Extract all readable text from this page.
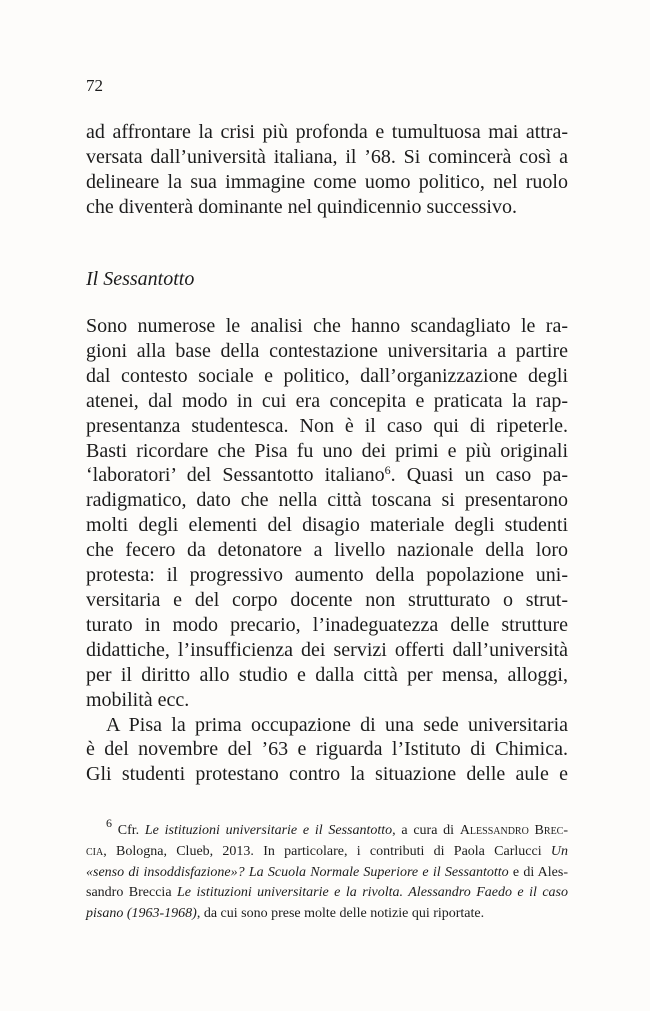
72
ad affrontare la crisi più profonda e tumultuosa mai attra-
versata dall’università italiana, il ’68. Si comincerà così a
delineare la sua immagine come uomo politico, nel ruolo
che diventerà dominante nel quindicennio successivo.
Il Sessantotto
Sono numerose le analisi che hanno scandagliato le ra-
gioni alla base della contestazione universitaria a partire
dal contesto sociale e politico, dall’organizzazione degli
atenei, dal modo in cui era concepita e praticata la rap-
presentanza studentesca. Non è il caso qui di ripeterle.
Basti ricordare che Pisa fu uno dei primi e più originali
‘laboratori’ del Sessantotto italiano$^6$. Quasi un caso pa-
radigmatico, dato che nella città toscana si presentarono
molti degli elementi del disagio materiale degli studenti
che fecero da detonatore a livello nazionale della loro
protesta: il progressivo aumento della popolazione uni-
versitaria e del corpo docente non strutturato o strut-
turato in modo precario, l’inadeguatezza delle strutture
didattiche, l’insufficienza dei servizi offerti dall’università
per il diritto allo studio e dalla città per mensa, alloggi,
mobilità ecc.
A Pisa la prima occupazione di una sede universitaria
è del novembre del ’63 e riguarda l’Istituto di Chimica.
Gli studenti protestano contro la situazione delle aule e
$^6$ Cfr. Le istituzioni universitarie e il Sessantotto, a cura di Alessandro Brec-
cia, Bologna, Clueb, 2013. In particolare, i contributi di Paola Carlucci Un
«senso di insoddisfazione»? La Scuola Normale Superiore e il Sessantotto e di Ales-
sandro Breccia Le istituzioni universitarie e la rivolta. Alessandro Faedo e il caso
pisano (1963-1968), da cui sono prese molte delle notizie qui riportate.
